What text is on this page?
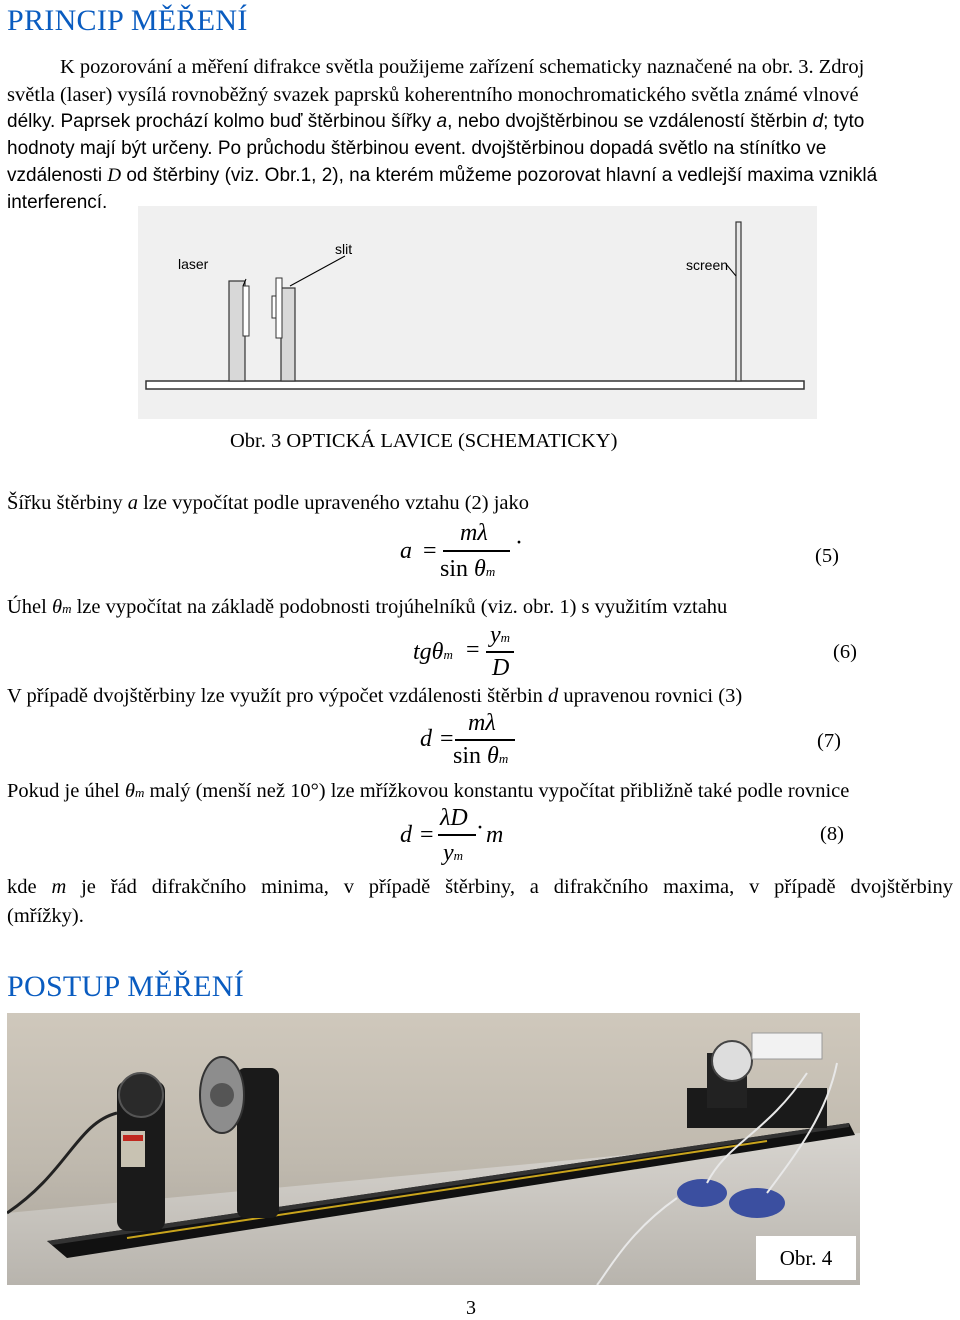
PRINCIP MĚŘENÍ
K pozorování a měření difrakce světla použijeme zařízení schematicky naznačené na obr. 3. Zdroj
světla (laser) vysílá rovnoběžný svazek paprsků koherentního monochromatického světla známé vlnové
délky. Paprsek prochází kolmo buď štěrbinou šířky a, nebo dvojštěrbinou se vzdáleností štěrbin d; tyto
hodnoty mají být určeny. Po průchodu štěrbinou event. dvojštěrbinou dopadá světlo na stínítko ve
vzdálenosti D od štěrbiny (viz. Obr.1, 2), na kterém můžeme pozorovat hlavní a vedlejší maxima vzniklá
interferencí.
laser
slit
screen
Obr. 3 OPTICKÁ LAVICE (SCHEMATICKY)
Šířku štěrbiny a lze vypočítat podle upraveného vztahu (2) jako
a =
mλ ·
sin θm
(5)
Úhel θm lze vypočítat na základě podobnosti trojúhelníků (viz. obr. 1) s využitím vztahu
tgθm =
ym
D
(6)
V případě dvojštěrbiny lze využít pro výpočet vzdálenosti štěrbin d upravenou rovnici (3)
d =
mλ
sin θm
(7)
Pokud je úhel θm malý (menší než 10°) lze mřížkovou konstantu vypočítat přibližně také podle rovnice
d =
λD · m
ym
(8)
kde m je řád difrakčního minima, v případě štěrbiny, a difrakčního maxima, v případě dvojštěrbiny
(mřížky).
POSTUP MĚŘENÍ
Obr. 4
3
